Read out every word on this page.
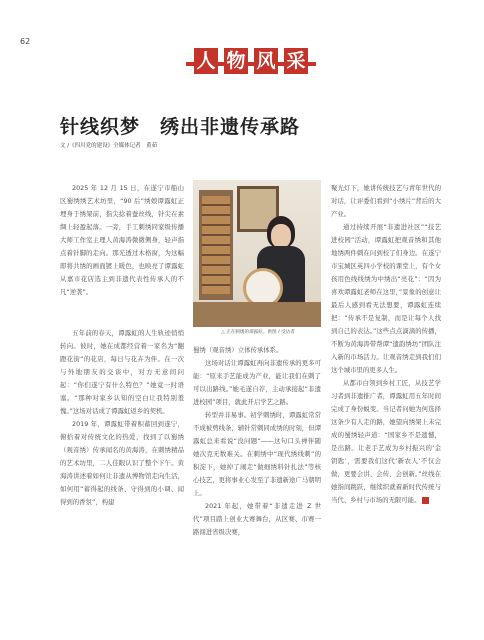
62
人 物 风 采
针线织梦　绣出非遗传承路
文 /《四川党的建设》全媒体记者　黄茹

2025 年 12 月 15 日，在遂宁市船山区蜀绣绣艺术坊里，“90 后”绣娘谭露虹正埋身于绣架前，指尖捻着蚕丝线，针尖在素绸上轻盈起落。一旁，手工刺绣同家级传播大师工作室主理人黄海涛微微侧身，轻声指点着针脚的走向。那光透过木格窗，为这幅即将共绣的画面镀上暖色，也映亮了谭露虹从嘉市花店选主到非遗代表性传承人的不凡“逆袭”。

△ 正在刺绣的谭露虹。供图 / 受访者

五年前的春天，谭露虹的人生轨迹悄悄转向。彼时，她在成都经营着一家名为“翻蹬花街”的花店，每日与花卉为伴。在一次与外地朋友的交谈中，对方无意间问起：“你们遂宁有什么特色？”她竟一时语塞。“那种对家乡认知的空白让我特别羞愧。”这场对话成了谭露虹返乡的契机。

2019 年，谭露虹带着积蓄回到遂宁，俯拾着对传统文化的热爱，找到了以蜀绣（观音绣）传承闻名的黄海涛，在刺绣精品的艺术坊里，二人佳眼认识了整个下午。黄海涛讲述着如何让非遗从博物馆走向生活，如何用“蓄得起的线条、守得到的小调、闻得到的香氛”，构建

蜀绣（观音绣）立体传承体系。

这场对话让谭露虹再向非遗传承的更多可能：“原来手艺能成为产业，能让我们在刺了可以出路线。”她毛遂自荐，主动承接起“非遗进校园”项目，就此开启学艺之路。

转型并非易事。初学刺绣时，谭露虹常常不成被剪线条，辅针常刺同成绣的时刻，但谭露虹总来看说“没问题”——这句口头禅伴随她次克无数难关。在刺绣中“现代绣线刺”的积淀下，她掉了闹走“做细绣料针扎法”等核心技艺，更将事业心发至了非遗新途广马朝明上。

2021 年起，她带着“非遗走进 Z 世代”项目踏上创业大赛舞台，从区赛、市赛一路闯进省级决赛，

聚光灯下，她讲传统技艺与青年世代的对话，让评委们看到“小绣片”背后的大产业。

通过持续开展“非遗进社区”“技艺进校园”活动，谭露虹把观音绣和其他地绣两件刺在问到校了们身边。在遂宁市宝城区英四小学校的课堂上，有个女孩用色线线绣为中绣出“亮花”：“因为喜欢谭露虹老师在这里，”景象的创意让最后人感到看无法想要，谭露虹连续把：“传承不是复制，而是让每个人找到自己的表达。”这些点点滴滴的传播，不断为黄海涛带帮谭“遗韵绣坊”团队注入新的市场活力。让观音绣走到我们们这个城市里的更多人生。

从都市白领到乡村工匠，从技艺学习者到非遗推广者，谭露虹用五年时间完成了身份蜕变。当记者问她为何选择这条少有人走的路，她望向绣架上未完成的蜀绣轻声道：“国家乡不是遗憾，是出路。让老手艺成为乡村振兴的‘金钥匙’，需要我们这代‘新农人’不仅会做，更要会讲、会传、会创新。”丝线在她指间跳跃，继续织就着新时代传统与当代、乡村与市场的无限可能。
